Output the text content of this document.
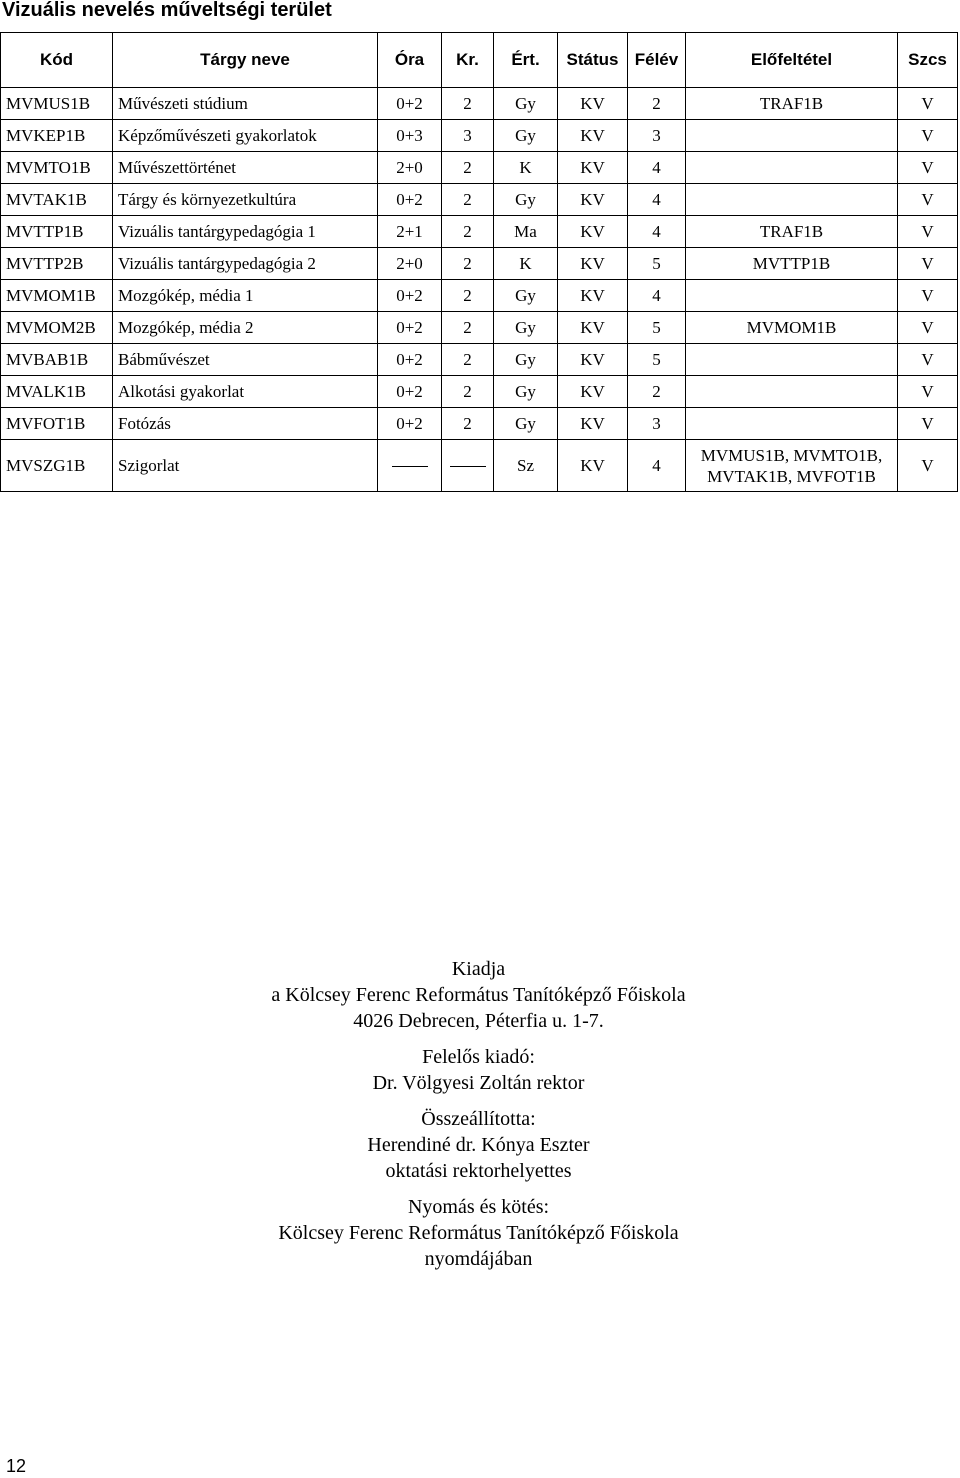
Vizuális nevelés műveltségi terület
Kód	Tárgy neve	Óra	Kr.	Ért.	Státus	Félév	Előfeltétel	Szcs
MVMUS1B	Művészeti stúdium	0+2	2	Gy	KV	2	TRAF1B	V
MVKEP1B	Képzőművészeti gyakorlatok	0+3	3	Gy	KV	3		V
MVMTO1B	Művészettörténet	2+0	2	K	KV	4		V
MVTAK1B	Tárgy és környezetkultúra	0+2	2	Gy	KV	4		V
MVTTP1B	Vizuális tantárgypedagógia 1	2+1	2	Ma	KV	4	TRAF1B	V
MVTTP2B	Vizuális tantárgypedagógia 2	2+0	2	K	KV	5	MVTTP1B	V
MVMOM1B	Mozgókép, média 1	0+2	2	Gy	KV	4		V
MVMOM2B	Mozgókép, média 2	0+2	2	Gy	KV	5	MVMOM1B	V
MVBAB1B	Bábművészet	0+2	2	Gy	KV	5		V
MVALK1B	Alkotási gyakorlat	0+2	2	Gy	KV	2		V
MVFOT1B	Fotózás	0+2	2	Gy	KV	3		V
MVSZG1B	Szigorlat			Sz	KV	4	MVMUS1B, MVMTO1B,
MVTAK1B, MVFOT1B	V
Kiadja
a Kölcsey Ferenc Református Tanítóképző Főiskola
4026 Debrecen, Péterfia u. 1-7.
Felelős kiadó:
Dr. Völgyesi Zoltán rektor
Összeállította:
Herendiné dr. Kónya Eszter
oktatási rektorhelyettes
Nyomás és kötés:
Kölcsey Ferenc Református Tanítóképző Főiskola
nyomdájában
12
